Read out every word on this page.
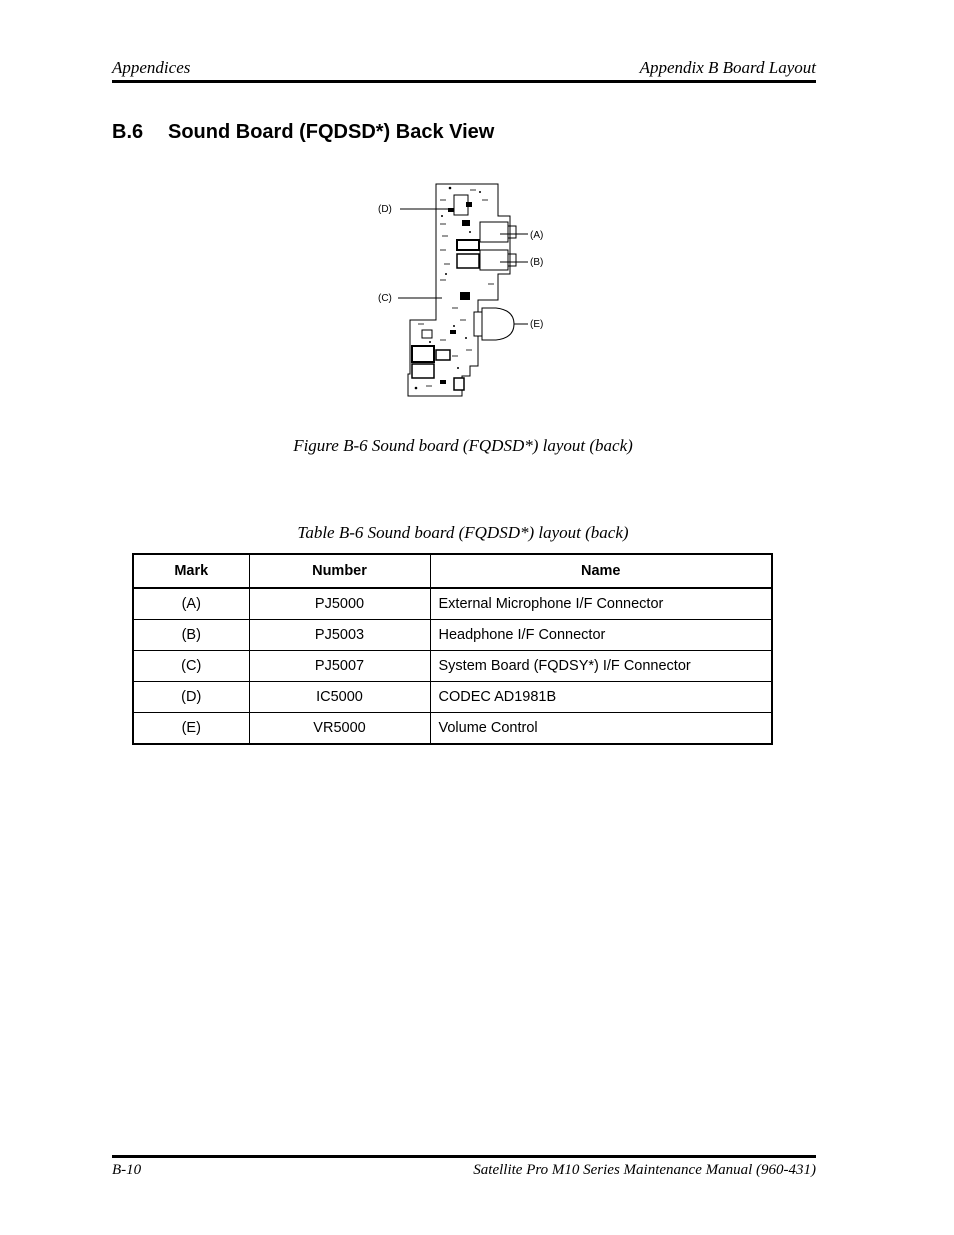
Appendices	Appendix B Board Layout
B.6 Sound Board (FQDSD*) Back View
(D)
(C)
(A)
(B)
(E)
Figure B-6 Sound board (FQDSD*) layout (back)
Table B-6 Sound board (FQDSD*) layout (back)
Mark	Number	Name
(A)	PJ5000	External Microphone I/F Connector
(B)	PJ5003	Headphone I/F Connector
(C)	PJ5007	System Board (FQDSY*) I/F Connector
(D)	IC5000	CODEC AD1981B
(E)	VR5000	Volume Control
B-10	Satellite Pro M10 Series Maintenance Manual (960-431)
